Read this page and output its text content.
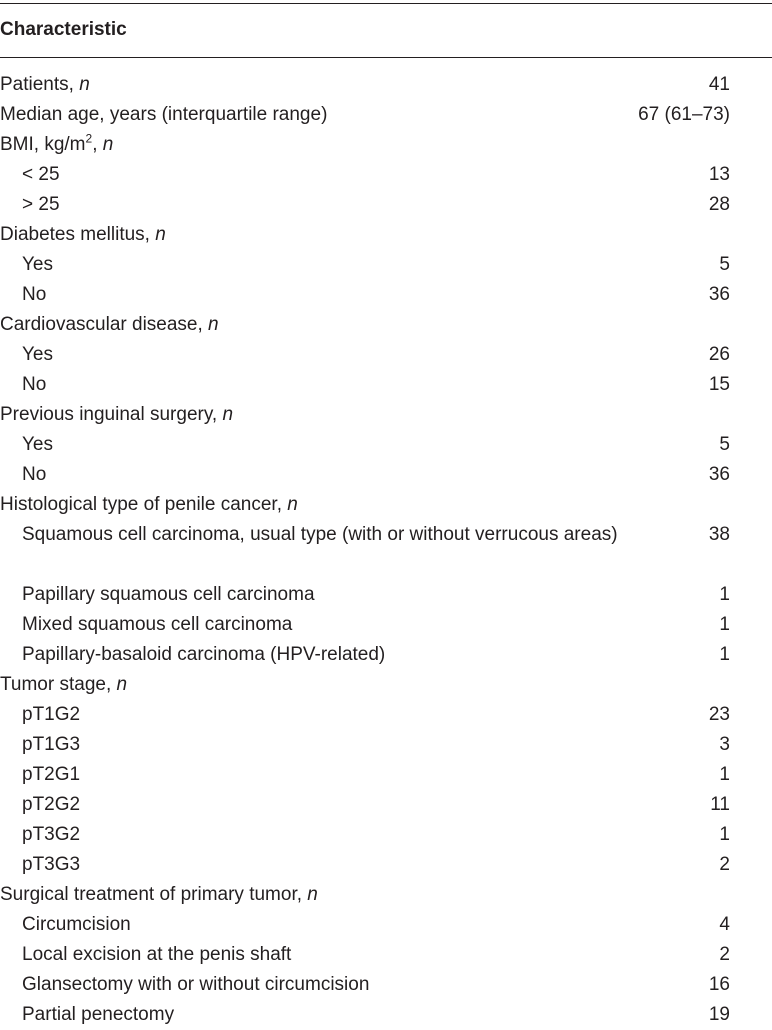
Characteristic
Patients, n	41
Median age, years (interquartile range)	67 (61–73)
BMI, $kg/m^2$, n
< 25	13
> 25	28
Diabetes mellitus, n
Yes	5
No	36
Cardiovascular disease, n
Yes	26
No	15
Previous inguinal surgery, n
Yes	5
No	36
Histological type of penile cancer, n
Squamous cell carcinoma, usual type (with or without verrucous areas)	38
Papillary squamous cell carcinoma	1
Mixed squamous cell carcinoma	1
Papillary-basaloid carcinoma (HPV-related)	1
Tumor stage, n
pT1G2	23
pT1G3	3
pT2G1	1
pT2G2	11
pT3G2	1
pT3G3	2
Surgical treatment of primary tumor, n
Circumcision	4
Local excision at the penis shaft	2
Glansectomy with or without circumcision	16
Partial penectomy	19
